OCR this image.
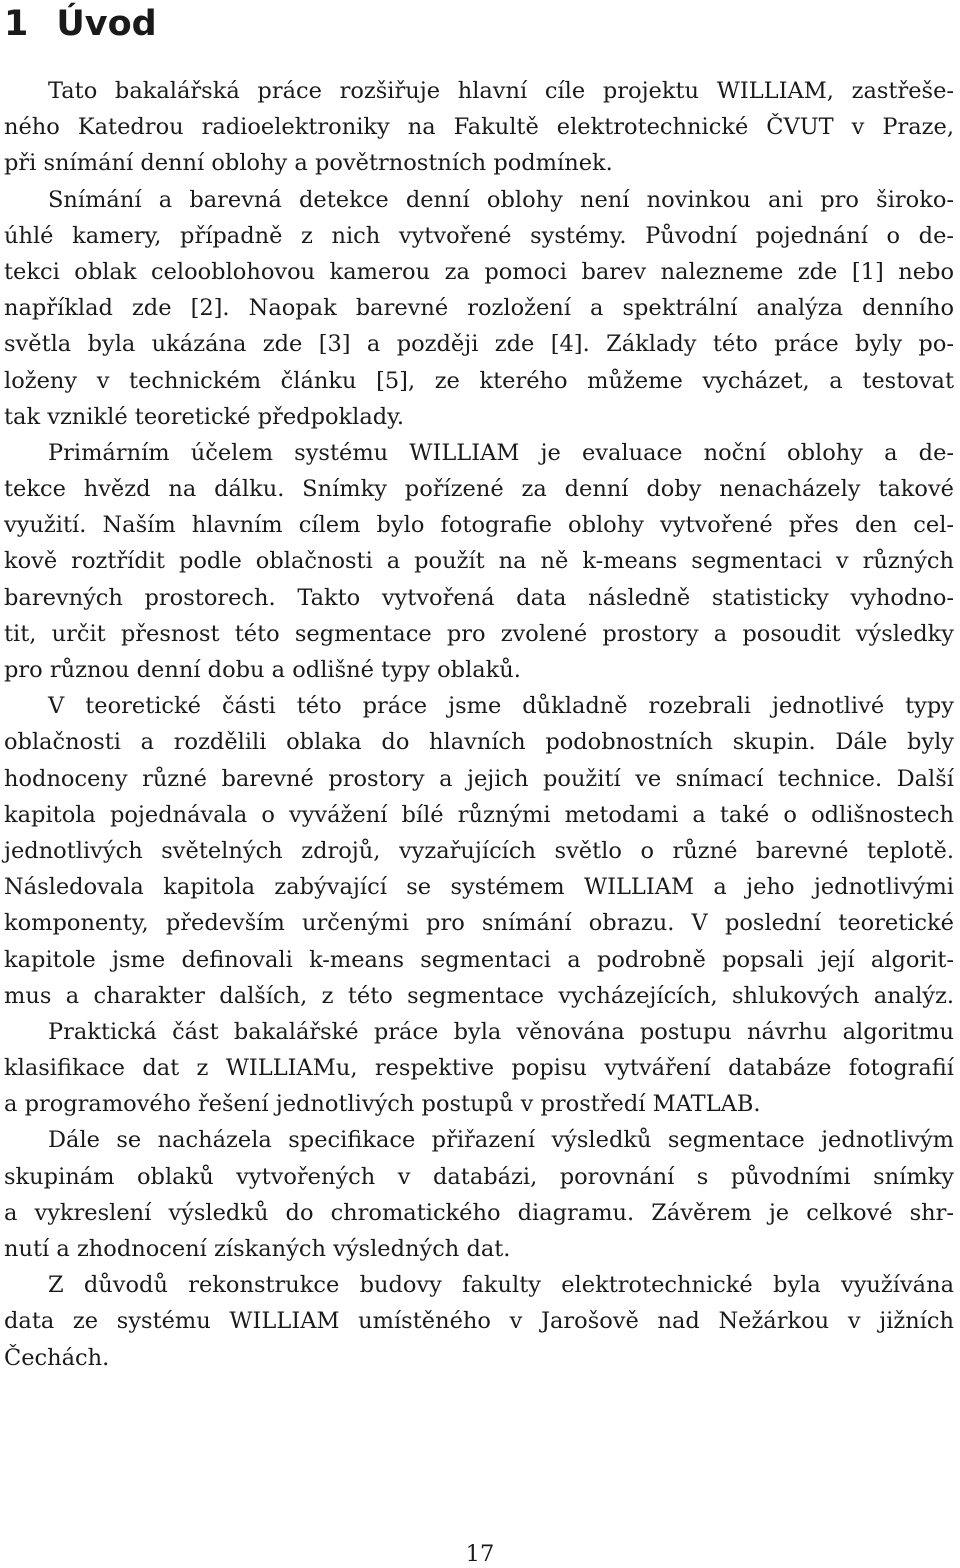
1 Úvod
Tato bakalářská práce rozšiřuje hlavní cíle projektu WILLIAM, zastřeše-
ného Katedrou radioelektroniky na Fakultě elektrotechnické ČVUT v Praze,
při snímání denní oblohy a povětrnostních podmínek.
Snímání a barevná detekce denní oblohy není novinkou ani pro široko-
úhlé kamery, případně z nich vytvořené systémy. Původní pojednání o de-
tekci oblak celooblohovou kamerou za pomoci barev nalezneme zde [1] nebo
například zde [2]. Naopak barevné rozložení a spektrální analýza denního
světla byla ukázána zde [3] a později zde [4]. Základy této práce byly po-
loženy v technickém článku [5], ze kterého můžeme vycházet, a testovat
tak vzniklé teoretické předpoklady.
Primárním účelem systému WILLIAM je evaluace noční oblohy a de-
tekce hvězd na dálku. Snímky pořízené za denní doby nenacházely takové
využití. Naším hlavním cílem bylo fotografie oblohy vytvořené přes den cel-
kově roztřídit podle oblačnosti a použít na ně k-means segmentaci v různých
barevných prostorech. Takto vytvořená data následně statisticky vyhodno-
tit, určit přesnost této segmentace pro zvolené prostory a posoudit výsledky
pro různou denní dobu a odlišné typy oblaků.
V teoretické části této práce jsme důkladně rozebrali jednotlivé typy
oblačnosti a rozdělili oblaka do hlavních podobnostních skupin. Dále byly
hodnoceny různé barevné prostory a jejich použití ve snímací technice. Další
kapitola pojednávala o vyvážení bílé různými metodami a také o odlišnostech
jednotlivých světelných zdrojů, vyzařujících světlo o různé barevné teplotě.
Následovala kapitola zabývající se systémem WILLIAM a jeho jednotlivými
komponenty, především určenými pro snímání obrazu. V poslední teoretické
kapitole jsme definovali k-means segmentaci a podrobně popsali její algorit-
mus a charakter dalších, z této segmentace vycházejících, shlukových analýz.
Praktická část bakalářské práce byla věnována postupu návrhu algoritmu
klasifikace dat z WILLIAMu, respektive popisu vytváření databáze fotografií
a programového řešení jednotlivých postupů v prostředí MATLAB.
Dále se nacházela specifikace přiřazení výsledků segmentace jednotlivým
skupinám oblaků vytvořených v databázi, porovnání s původními snímky
a vykreslení výsledků do chromatického diagramu. Závěrem je celkové shr-
nutí a zhodnocení získaných výsledných dat.
Z důvodů rekonstrukce budovy fakulty elektrotechnické byla využívána
data ze systému WILLIAM umístěného v Jarošově nad Nežárkou v jižních
Čechách.
17
